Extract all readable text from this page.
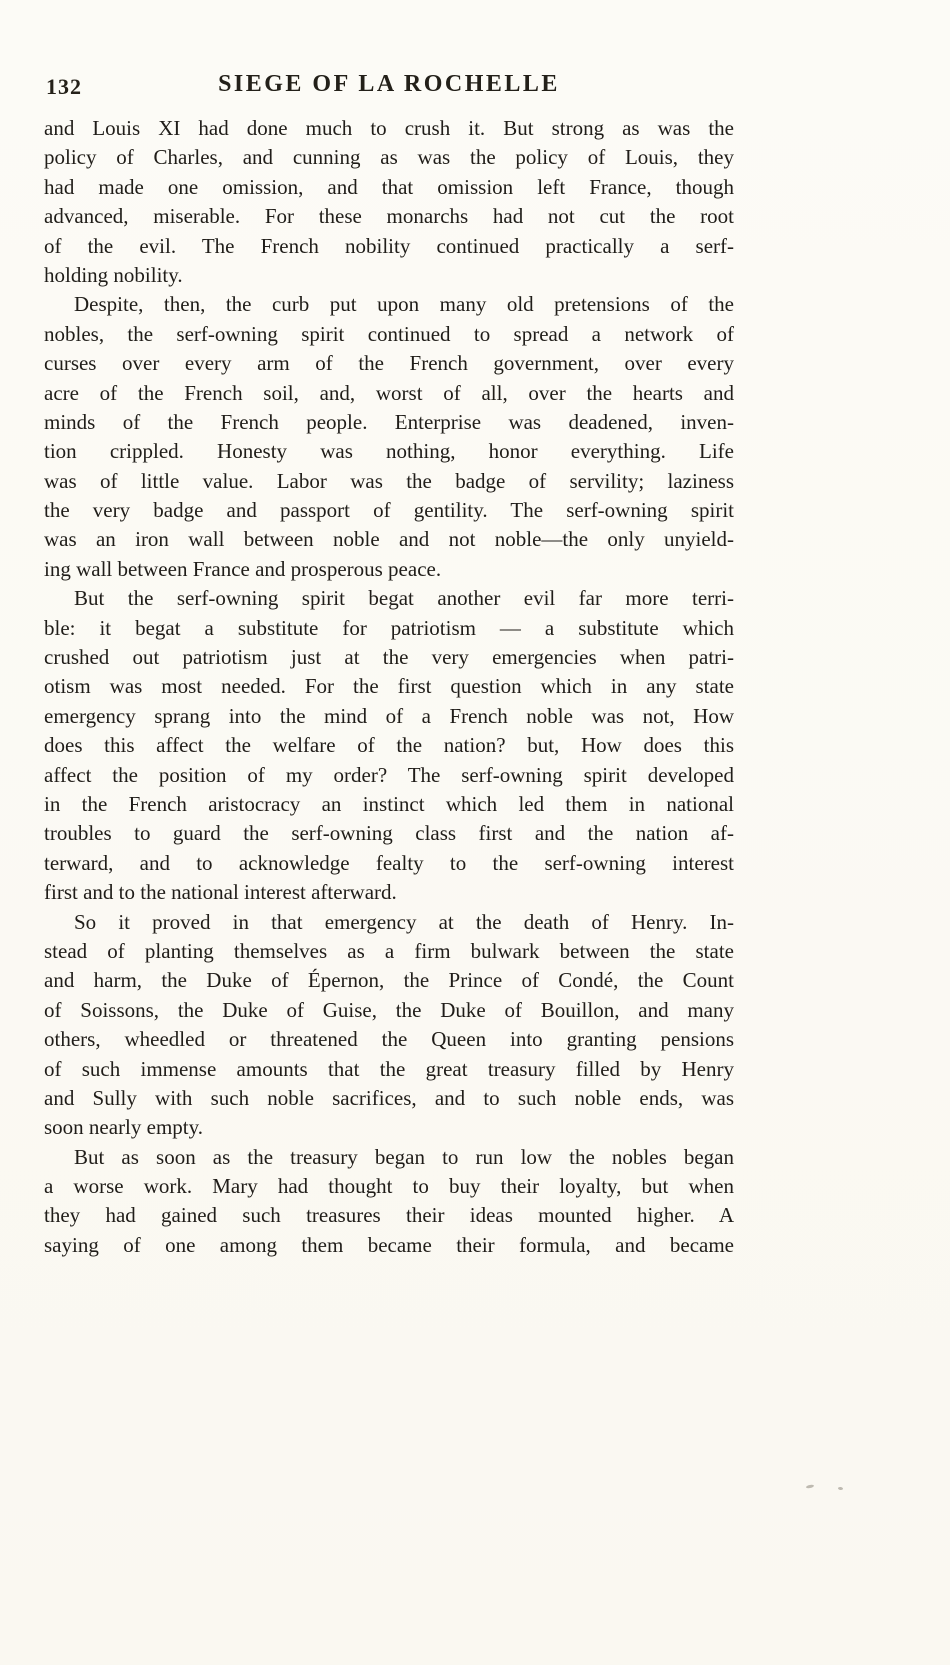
132	SIEGE OF LA ROCHELLE
and Louis XI had done much to crush it. But strong as was the
policy of Charles, and cunning as was the policy of Louis, they
had made one omission, and that omission left France, though
advanced, miserable. For these monarchs had not cut the root
of the evil. The French nobility continued practically a serf-
holding nobility.
Despite, then, the curb put upon many old pretensions of the
nobles, the serf-owning spirit continued to spread a network of
curses over every arm of the French government, over every
acre of the French soil, and, worst of all, over the hearts and
minds of the French people. Enterprise was deadened, inven-
tion crippled. Honesty was nothing, honor everything. Life
was of little value. Labor was the badge of servility; laziness
the very badge and passport of gentility. The serf-owning spirit
was an iron wall between noble and not noble—the only unyield-
ing wall between France and prosperous peace.
But the serf-owning spirit begat another evil far more terri-
ble: it begat a substitute for patriotism — a substitute which
crushed out patriotism just at the very emergencies when patri-
otism was most needed. For the first question which in any state
emergency sprang into the mind of a French noble was not, How
does this affect the welfare of the nation? but, How does this
affect the position of my order? The serf-owning spirit developed
in the French aristocracy an instinct which led them in national
troubles to guard the serf-owning class first and the nation af-
terward, and to acknowledge fealty to the serf-owning interest
first and to the national interest afterward.
So it proved in that emergency at the death of Henry. In-
stead of planting themselves as a firm bulwark between the state
and harm, the Duke of Épernon, the Prince of Condé, the Count
of Soissons, the Duke of Guise, the Duke of Bouillon, and many
others, wheedled or threatened the Queen into granting pensions
of such immense amounts that the great treasury filled by Henry
and Sully with such noble sacrifices, and to such noble ends, was
soon nearly empty.
But as soon as the treasury began to run low the nobles began
a worse work. Mary had thought to buy their loyalty, but when
they had gained such treasures their ideas mounted higher. A
saying of one among them became their formula, and became
